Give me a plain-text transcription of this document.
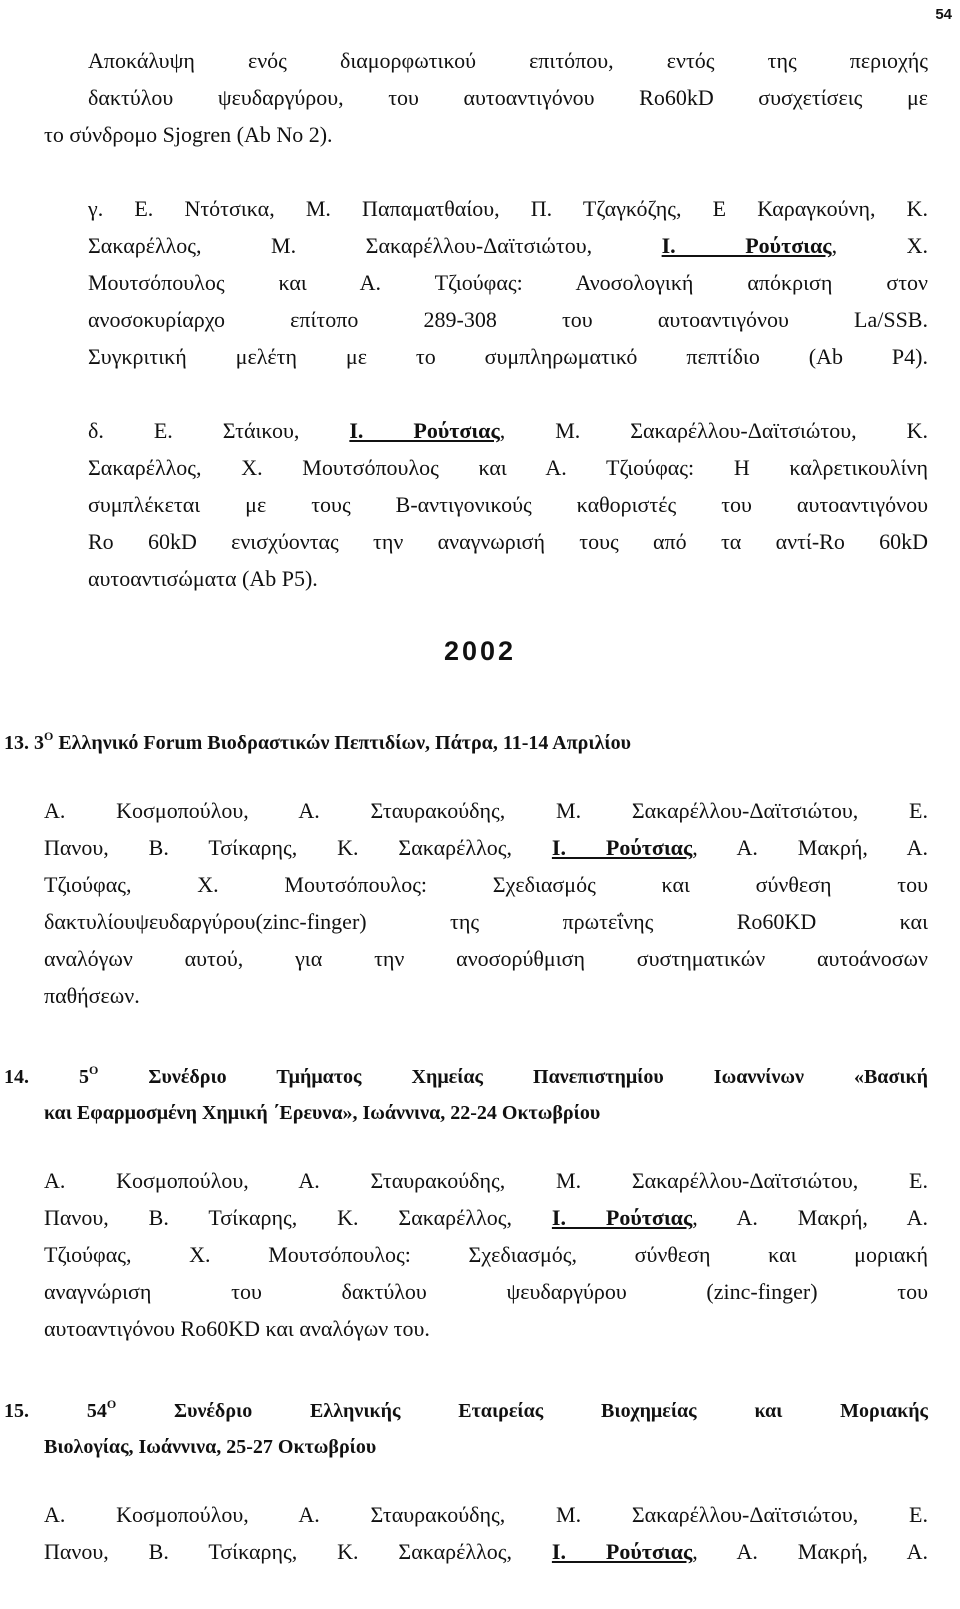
54
Αποκάλυψη ενός διαμορφωτικού επιτόπου, εντός της περιοχής
δακτύλου ψευδαργύρου, του αυτοαντιγόνου Ro60kD συσχετίσεις με
το σύνδρομο Sjogren (Ab No 2).
γ. Ε. Ντότσικα, Μ. Παπαματθαίου, Π. Τζαγκόζης, Ε Καραγκούνη, Κ.
Σακαρέλλος, Μ. Σακαρέλλου-Δαϊτσιώτου,	Ι. Ρούτσιας, Χ.
Μουτσόπουλος και Α. Τζιούφας: Ανοσολογική απόκριση στον
ανοσοκυρίαρχο επίτοπο 289-308 του αυτοαντιγόνου La/SSB.
Συγκριτική μελέτη με το συμπληρωματικό πεπτίδιο (Ab P4).
δ. Ε. Στάικου, Ι. Ρούτσιας, Μ. Σακαρέλλου-Δαϊτσιώτου, Κ.
Σακαρέλλος, Χ. Μουτσόπουλος και Α. Τζιούφας: Η καλρετικουλίνη
συμπλέκεται με τους Β-αντιγονικούς καθοριστές του αυτοαντιγόνου
Ro 60kD ενισχύοντας την αναγνωρισή τους από τα αντί-Ro 60kD
αυτοαντισώματα (Ab P5).
2002
13. $3^O$ Ελληνικό Forum Βιοδραστικών Πεπτιδίων, Πάτρα, 11-14 Απριλίου
Α. Κοσμοπούλου, Α. Σταυρακούδης, Μ. Σακαρέλλου-Δαϊτσιώτου, Ε.
Πανου, Β. Τσίκαρης, Κ. Σακαρέλλος, Ι. Ρούτσιας, Α. Μακρή, Α.
Τζιούφας, Χ. Μουτσόπουλος: Σχεδιασμός και σύνθεση του
δακτυλίουψευδαργύρου(zinc-finger) της πρωτεΐνης Ro60KD και
αναλόγων αυτού, για την ανοσορύθμιση συστηματικών αυτοάνοσων
παθήσεων.
14. $5^O$ Συνέδριο Τμήματος Χημείας Πανεπιστημίου Ιωαννίνων «Βασική
και Εφαρμοσμένη Χημική ΄Ερευνα», Ιωάννινα, 22-24 Οκτωβρίου
Α. Κοσμοπούλου, Α. Σταυρακούδης, Μ. Σακαρέλλου-Δαϊτσιώτου, Ε.
Πανου, Β. Τσίκαρης, Κ. Σακαρέλλος, Ι. Ρούτσιας, Α. Μακρή, Α.
Τζιούφας, Χ. Μουτσόπουλος: Σχεδιασμός, σύνθεση και μοριακή
αναγνώριση του δακτύλου ψευδαργύρου (zinc-finger) του
αυτοαντιγόνου Ro60KD και αναλόγων του.
15. $54^O$ Συνέδριο Ελληνικής Εταιρείας Βιοχημείας και Μοριακής
Βιολογίας, Ιωάννινα, 25-27 Οκτωβρίου
Α. Κοσμοπούλου, Α. Σταυρακούδης, Μ. Σακαρέλλου-Δαϊτσιώτου, Ε.
Πανου, Β. Τσίκαρης, Κ. Σακαρέλλος, Ι. Ρούτσιας, Α. Μακρή, Α.
